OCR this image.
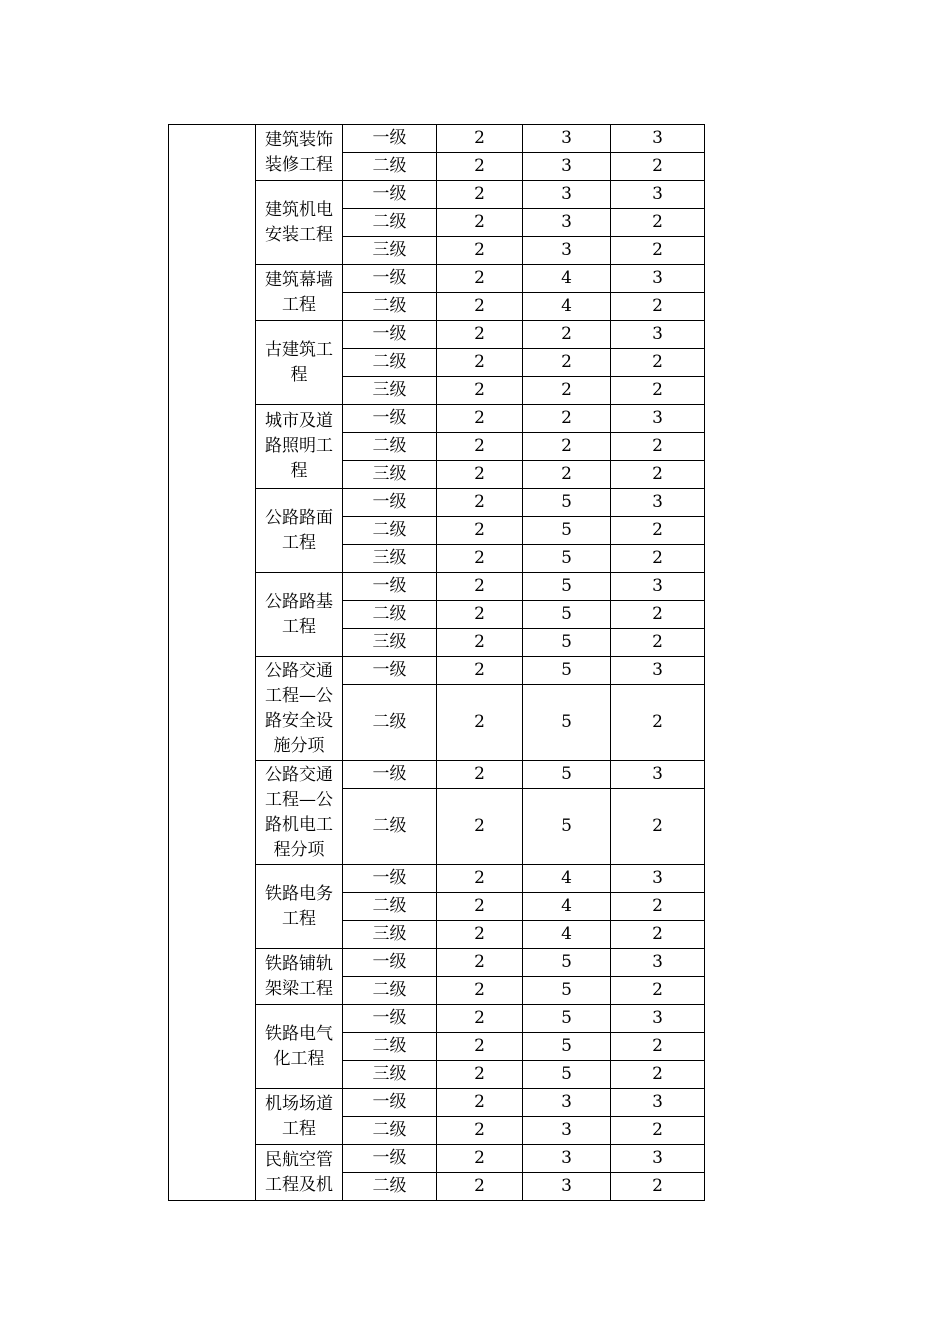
	建筑装饰
装修工程	一级	2	3	3
		二级	2	3	2

	建筑机电
安装工程	一级	2	3	3
		二级	2	3	2
		三级	2	3	2

	建筑幕墙
工程	一级	2	4	3
		二级	2	4	2

	古建筑工
程	一级	2	2	3
		二级	2	2	2
		三级	2	2	2

	城市及道
路照明工
程	一级	2	2	3
		二级	2	2	2
		三级	2	2	2

	公路路面
工程	一级	2	5	3
		二级	2	5	2
		三级	2	5	2

	公路路基
工程	一级	2	5	3
		二级	2	5	2
		三级	2	5	2

	公路交通
工程—公
路安全设
施分项	一级	2	5	3
		二级	2	5	2

	公路交通
工程—公
路机电工
程分项	一级	2	5	3
		二级	2	5	2

	铁路电务
工程	一级	2	4	3
		二级	2	4	2
		三级	2	4	2

	铁路铺轨
架梁工程	一级	2	5	3
		二级	2	5	2

	铁路电气
化工程	一级	2	5	3
		二级	2	5	2
		三级	2	5	2

	机场场道
工程	一级	2	3	3
		二级	2	3	2

	民航空管
工程及机	一级	2	3	3
		二级	2	3	2
